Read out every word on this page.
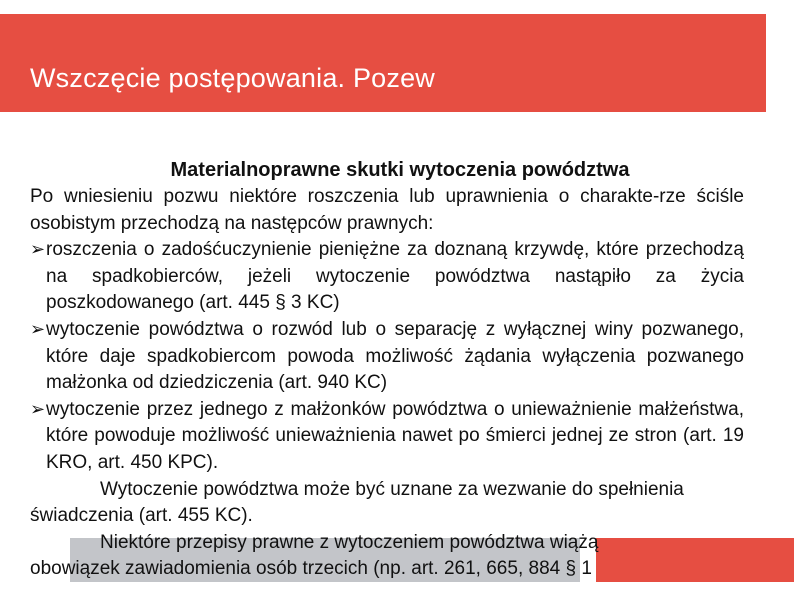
Wszczęcie postępowania. Pozew
Materialnoprawne skutki wytoczenia powództwa

Po wniesieniu pozwu niektóre roszczenia lub uprawnienia o charakte-rze ściśle osobistym przechodzą na następców prawnych:

➢ roszczenia o zadośćuczynienie pieniężne za doznaną krzywdę, które przechodzą na spadkobierców, jeżeli wytoczenie powództwa nastąpiło za życia poszkodowanego (art. 445 § 3 KC)
➢ wytoczenie powództwa o rozwód lub o separację z wyłącznej winy pozwanego, które daje spadkobiercom powoda możliwość żądania wyłączenia pozwanego małżonka od dziedziczenia (art. 940 KC)
➢ wytoczenie przez jednego z małżonków powództwa o unieważnienie małżeństwa, które powoduje możliwość unieważnienia nawet po śmierci jednej ze stron (art. 19 KRO, art. 450 KPC).

Wytoczenie powództwa może być uznane za wezwanie do spełnienia świadczenia (art. 455 KC).

Niektóre przepisy prawne z wytoczeniem powództwa wiążą

obowiązek zawiadomienia osób trzecich (np. art. 261, 665, 884 § 1
